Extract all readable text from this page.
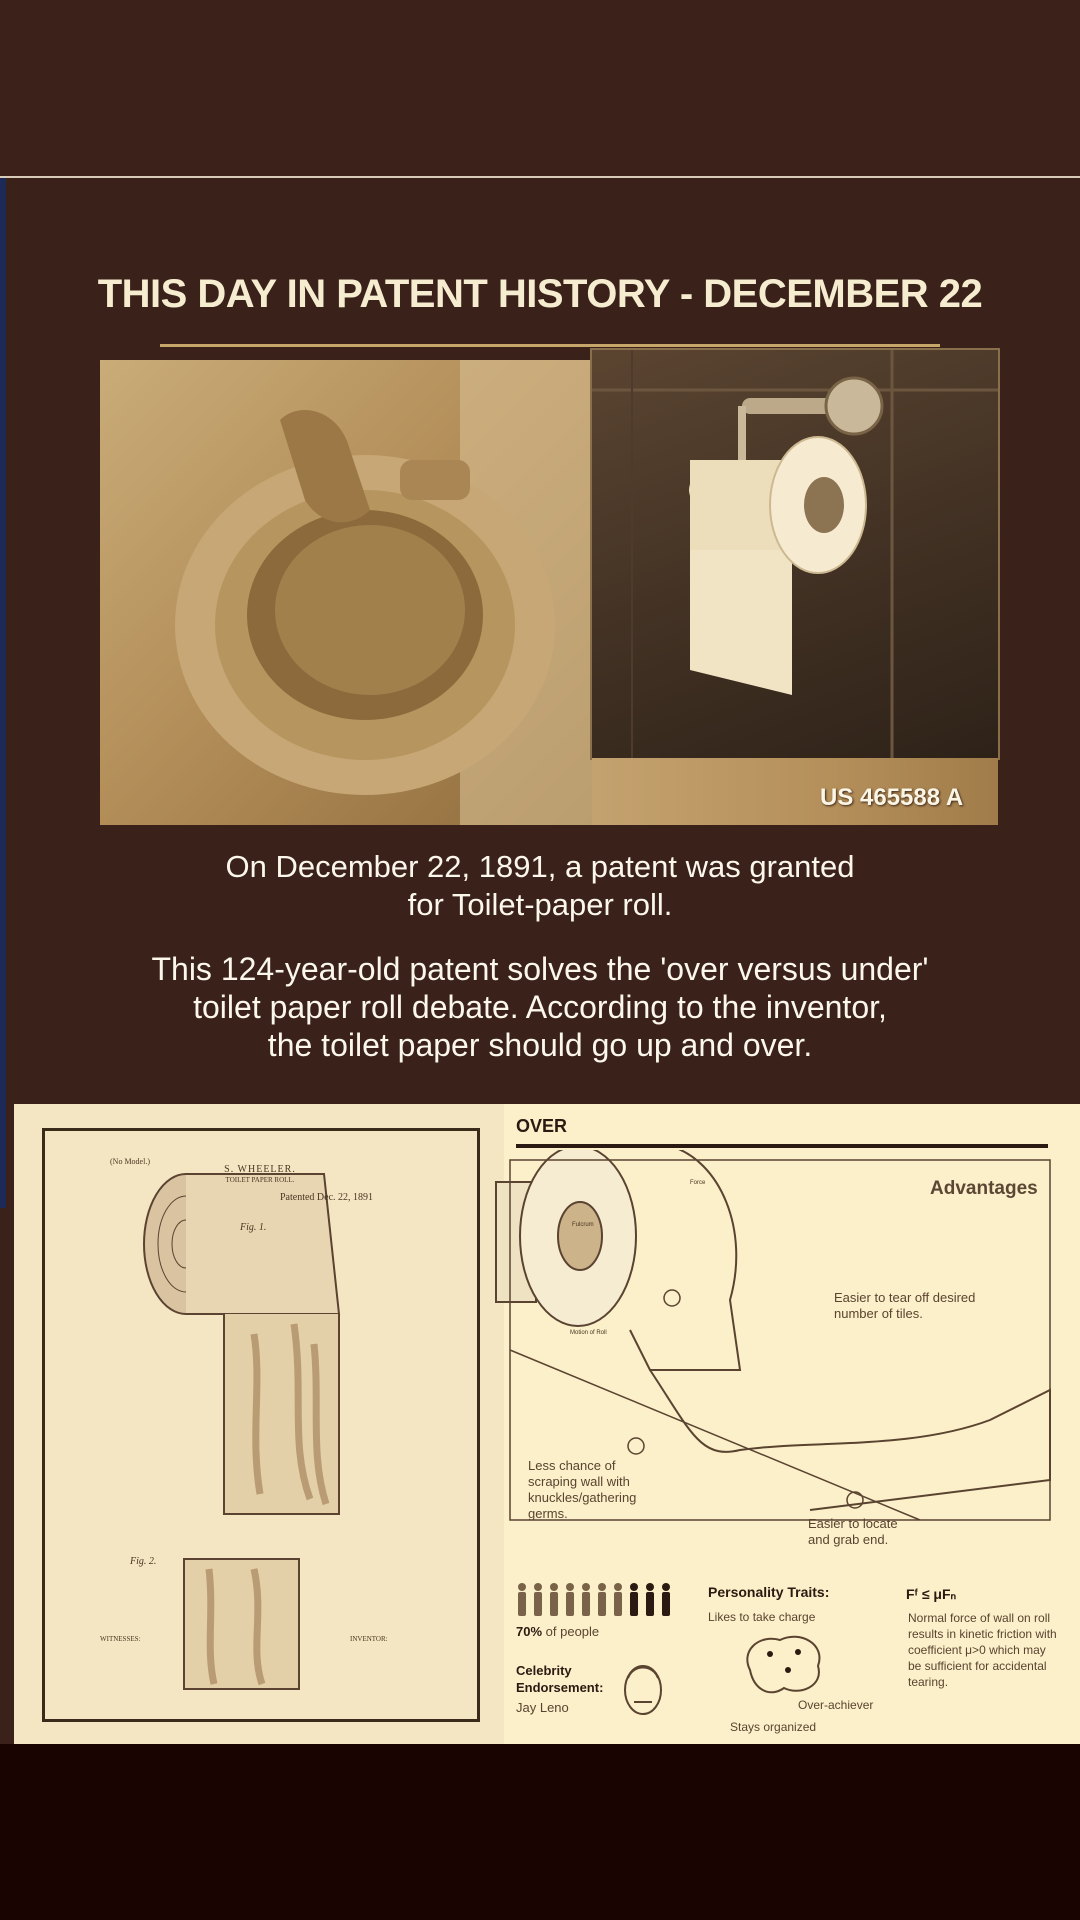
THIS DAY IN PATENT HISTORY - DECEMBER 22
US 465588 A
On December 22, 1891, a patent was granted
for Toilet-paper roll.
This 124-year-old patent solves the 'over versus under'
toilet paper roll debate. According to the inventor,
the toilet paper should go up and over.
(No Model.)
S. WHEELER.
TOILET PAPER ROLL.
Patented Dec. 22, 1891
Fig. 1.
Fig. 2.
WITNESSES:	INVENTOR:
OVER
Advantages
Fulcrum
Force
Motion of Roll
Easier to tear off desired number of tiles.
Less chance of scraping wall with knuckles/gathering germs.
Easier to locate and grab end.
70% of people
Celebrity Endorsement:
Jay Leno
Personality Traits:
Likes to take charge
Over-achiever
Stays organized
Fᶠ ≤ μFₙ
Normal force of wall on roll results in kinetic friction with coefficient μ>0 which may be sufficient for accidental tearing.
